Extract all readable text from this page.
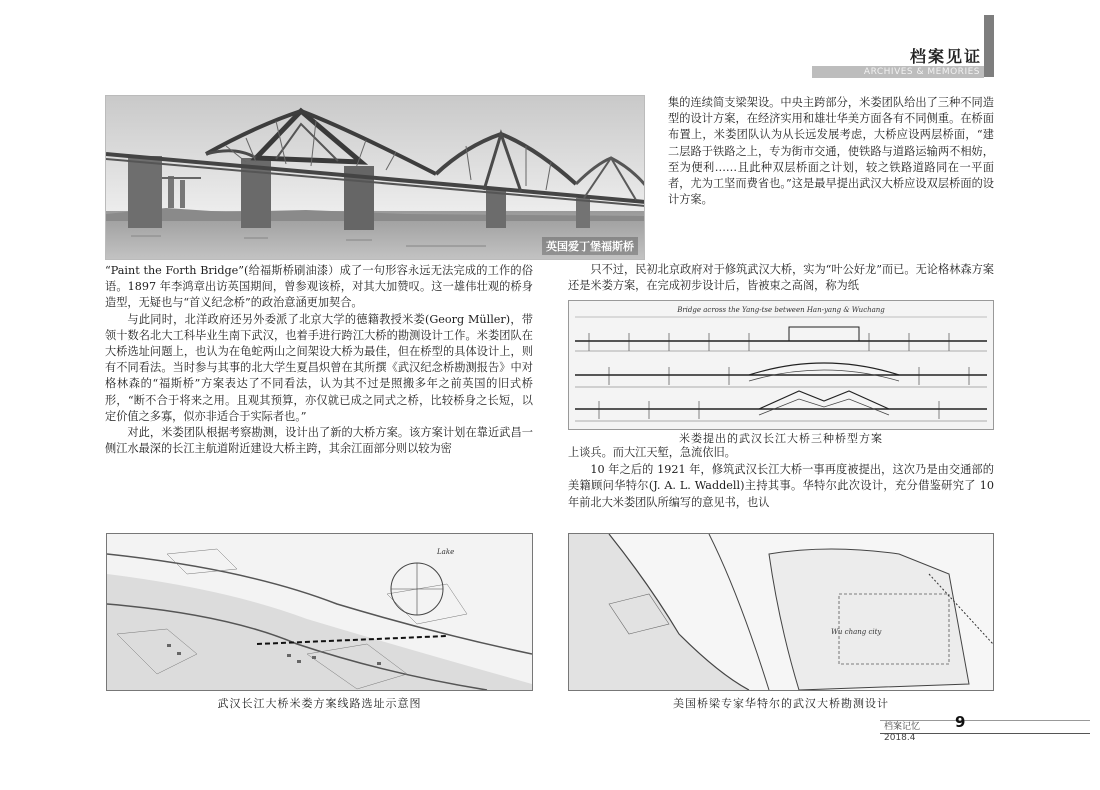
档案见证
ARCHIVES & MEMORIES
英国爱丁堡福斯桥

“Paint the Forth Bridge”(给福斯桥刷油漆）成了一句形容永远无法完成的工作的俗语。1897 年李鸿章出访英国期间，曾参观该桥，对其大加赞叹。这一雄伟壮观的桥身造型，无疑也与“首义纪念桥”的政治意涵更加契合。

与此同时，北洋政府还另外委派了北京大学的德籍教授米娄(Georg Müller)，带领十数名北大工科毕业生南下武汉，也着手进行跨江大桥的勘测设计工作。米娄团队在大桥选址问题上，也认为在龟蛇两山之间架设大桥为最佳，但在桥型的具体设计上，则有不同看法。当时参与其事的北大学生夏昌炽曾在其所撰《武汉纪念桥勘测报告》中对格林森的“福斯桥”方案表达了不同看法，认为其不过是照搬多年之前英国的旧式桥形，“断不合于将来之用。且观其预算，亦仅就已成之同式之桥，比较桥身之长短，以定价值之多寡，似亦非适合于实际者也。”

对此，米娄团队根据考察勘测，设计出了新的大桥方案。该方案计划在靠近武昌一侧江水最深的长江主航道附近建设大桥主跨，其余江面部分则以较为密

集的连续简支梁架设。中央主跨部分，米娄团队给出了三种不同造型的设计方案，在经济实用和雄壮华美方面各有不同侧重。在桥面布置上，米娄团队认为从长远发展考虑，大桥应设两层桥面，“建二层路于铁路之上，专为街市交通，使铁路与道路运输两不相妨，至为便利……且此种双层桥面之计划，较之铁路道路同在一平面者，尤为工坚而费省也。”这是最早提出武汉大桥应设双层桥面的设计方案。

只不过，民初北京政府对于修筑武汉大桥，实为“叶公好龙”而已。无论格林森方案还是米娄方案，在完成初步设计后，皆被束之高阁，称为纸

Bridge across the Yang-tse between Han-yang & Wuchang
米娄提出的武汉长江大桥三种桥型方案

上谈兵。而大江天堑，急流依旧。

10 年之后的 1921 年，修筑武汉长江大桥一事再度被提出，这次乃是由交通部的美籍顾问华特尔(J. A. L. Waddell)主持其事。华特尔此次设计，充分借鉴研究了 10 年前北大米娄团队所编写的意见书，也认

Lake
武汉长江大桥米娄方案线路选址示意图
Wu chang city
美国桥梁专家华特尔的武汉大桥勘测设计
档案记忆 9
2018.4
